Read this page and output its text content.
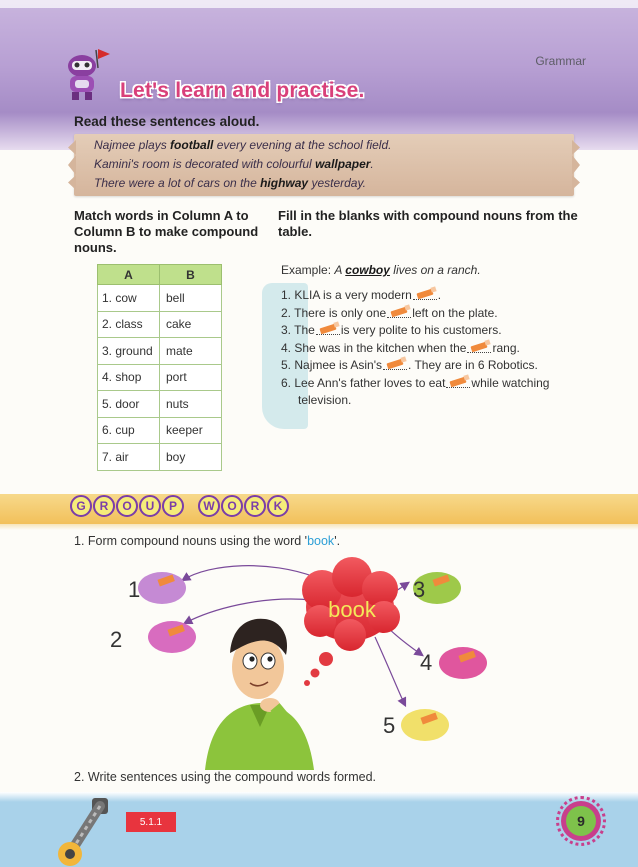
Grammar
Let's learn and practise.
Read these sentences aloud.
Najmee plays football every evening at the school field.
Kamini's room is decorated with colourful wallpaper.
There were a lot of cars on the highway yesterday.
Match words in Column A to Column B to make compound nouns.
Fill in the blanks with compound nouns from the table.
A	B
1. cow	bell
2. class	cake
3. ground	mate
4. shop	port
5. door	nuts
6. cup	keeper
7. air	boy
Example: A cowboy lives on a ranch.
1. KLIA is a very modern .
2. There is only one left on the plate.
3. The is very polite to his customers.
4. She was in the kitchen when the rang.
5. Najmee is Asin's . They are in 6 Robotics.
6. Lee Ann's father loves to eat while watching
television.
G	R	O	U	P	W	O	R	K
1. Form compound nouns using the word 'book'.
book
1
2
3
4
5
2. Write sentences using the compound words formed.
5.1.1	9
